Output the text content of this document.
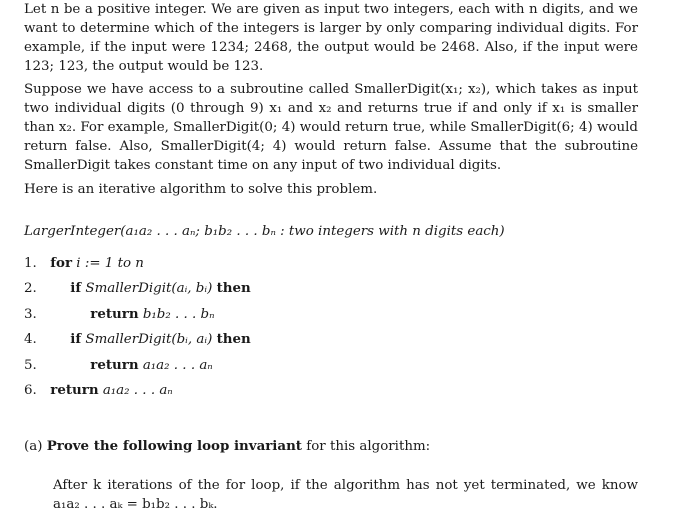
Let n be a positive integer. We are given as input two integers, each with n digits, and we want to determine which of the integers is larger by only comparing individual digits. For example, if the input were 1234; 2468, the output would be 2468. Also, if the input were 123; 123, the output would be 123.

Suppose we have access to a subroutine called SmallerDigit(x₁; x₂), which takes as input two individual digits (0 through 9) x₁ and x₂ and returns true if and only if x₁ is smaller than x₂. For example, SmallerDigit(0; 4) would return true, while SmallerDigit(6; 4) would return false. Also, SmallerDigit(4; 4) would return false. Assume that the subroutine SmallerDigit takes constant time on any input of two individual digits.

Here is an iterative algorithm to solve this problem.

LargerInteger(a₁a₂ . . . aₙ; b₁b₂ . . . bₙ : two integers with n digits each)

1. for i := 1 to n

2. if SmallerDigit(aᵢ, bᵢ) then

3.	return b₁b₂ . . . bₙ

4. if SmallerDigit(bᵢ, aᵢ) then

5.	return a₁a₂ . . . aₙ

6. return a₁a₂ . . . aₙ

(a) Prove the following loop invariant for this algorithm:

After k iterations of the for loop, if the algorithm has not yet terminated, we know a₁a₂ . . . aₖ = b₁b₂ . . . bₖ.
